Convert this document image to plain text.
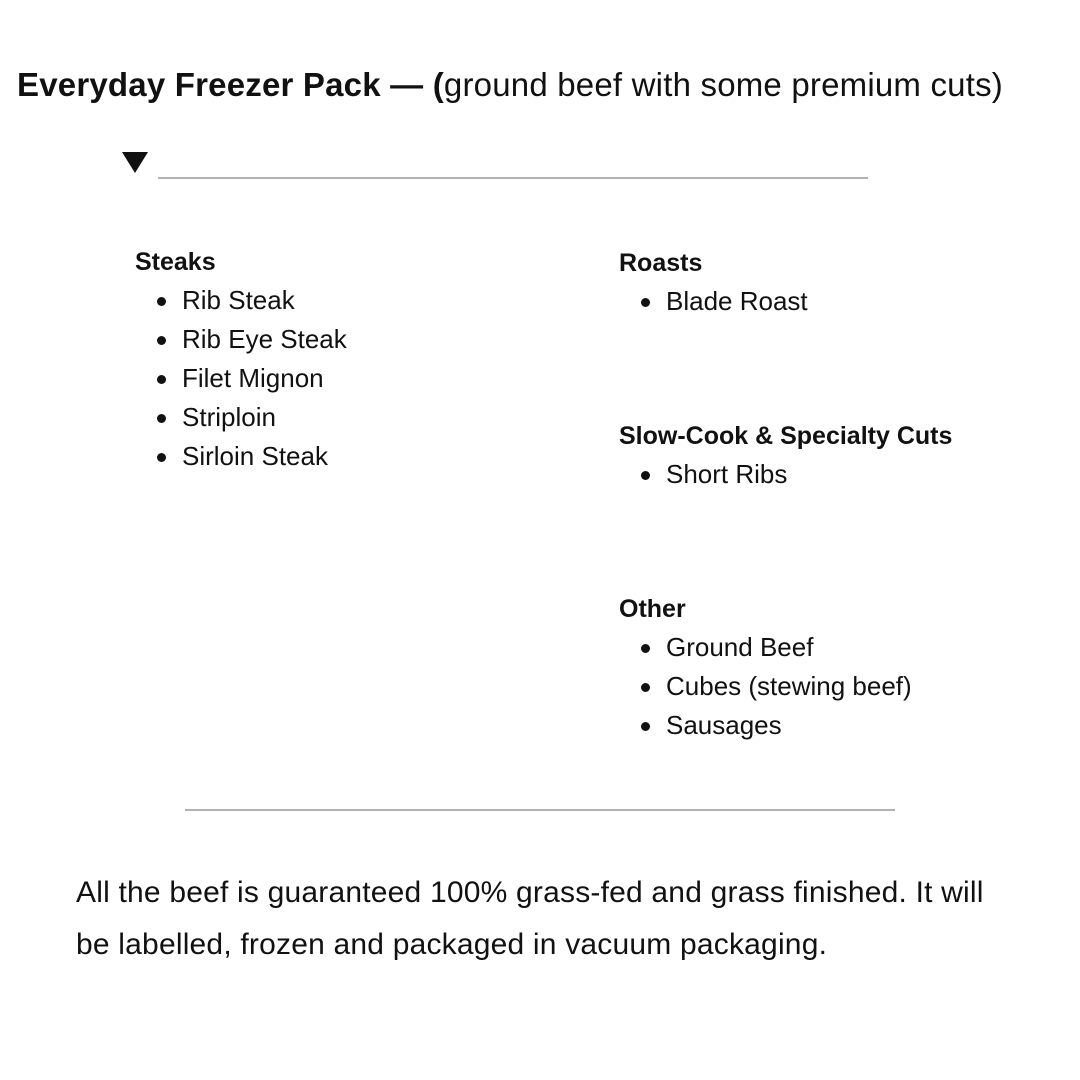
Everyday Freezer Pack — (ground beef with some premium cuts)

Steaks

Rib Steak
Rib Eye Steak
Filet Mignon
Striploin
Sirloin Steak

Roasts

Blade Roast

Slow-Cook & Specialty Cuts

Short Ribs

Other

Ground Beef
Cubes (stewing beef)
Sausages

All the beef is guaranteed 100% grass-fed and grass finished. It will be labelled, frozen and packaged in vacuum packaging.
